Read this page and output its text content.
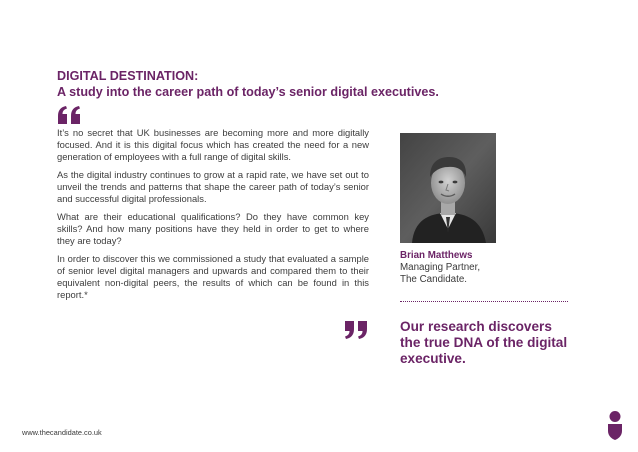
DIGITAL DESTINATION:
A study into the career path of today’s senior digital executives.

It’s no secret that UK businesses are becoming more and more digitally focused. And it is this digital focus which has created the need for a new generation of employees with a full range of digital skills.

As the digital industry continues to grow at a rapid rate, we have set out to unveil the trends and patterns that shape the career path of today’s senior and successful digital professionals.

What are their educational qualifications? Do they have common key skills? And how many positions have they held in order to get to where they are today?

In order to discover this we commissioned a study that evaluated a sample of senior level digital managers and upwards and compared them to their equivalent non-digital peers, the results of which can be found in this report.*

Brian Matthews
Managing Partner,
The Candidate.
Our research discovers
the true DNA of the digital
executive.
www.thecandidate.co.uk
